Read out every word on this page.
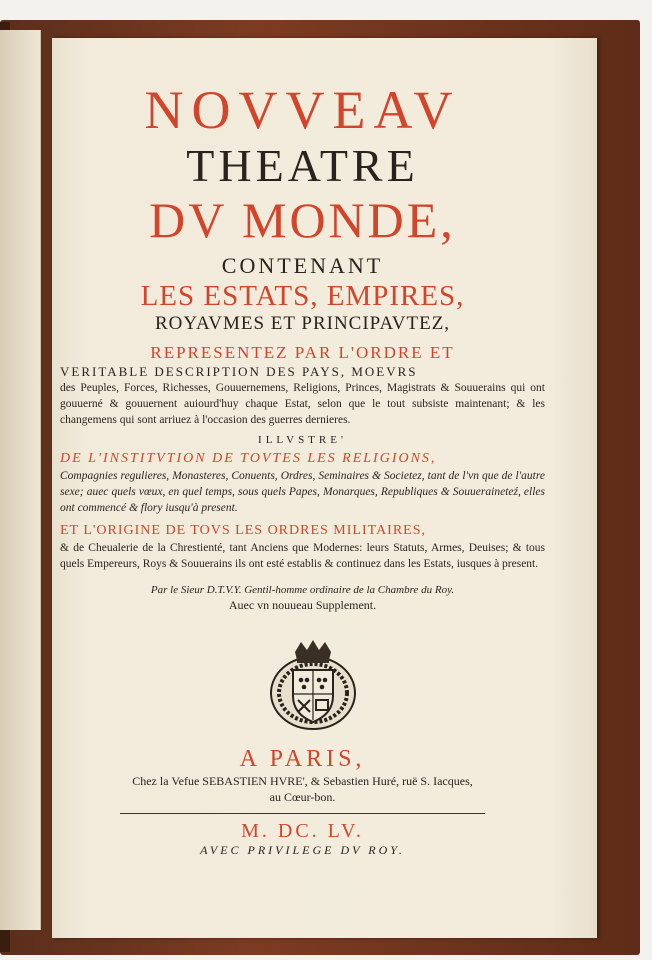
NOVVEAV

THEATRE

DV MONDE,

CONTENANT

LES ESTATS, EMPIRES,

ROYAVMES ET PRINCIPAVTEZ,

REPRESENTEZ PAR L'ORDRE ET

VERITABLE DESCRIPTION DES PAYS, MOEVRS

des Peuples, Forces, Richesses, Gouuernemens, Religions, Princes, Magistrats & Souuerains qui ont gouuerné & gouuernent auiourd'huy chaque Estat, selon que le tout subsiste maintenant; & les changemens qui sont arriuez à l'occasion des guerres dernieres.

ILLVSTRE'

DE L'INSTITVTION DE TOVTES LES RELIGIONS,

Compagnies regulieres, Monasteres, Conuents, Ordres, Seminaires & Societez, tant de l'vn que de l'autre sexe; auec quels vœux, en quel temps, sous quels Papes, Monarques, Republiques & Souueraineteź, elles ont commencé & flory iusqu'à present.

ET L'ORIGINE DE TOVS LES ORDRES MILITAIRES,

& de Cheualerie de la Chrestienté, tant Anciens que Modernes: leurs Statuts, Armes, Deuises; & tous quels Empereurs, Roys & Souuerains ils ont esté establis & continuez dans les Estats, iusques à present.

Par le Sieur D.T.V.Y. Gentil-homme ordinaire de la Chambre du Roy.

Auec vn nouueau Supplement.

A PARIS,

Chez la Vefue SEBASTIEN HVRE', & Sebastien Huré, ruë S. Iacques,

au Cœur-bon.

M. DC. LV.

AVEC PRIVILEGE DV ROY.
